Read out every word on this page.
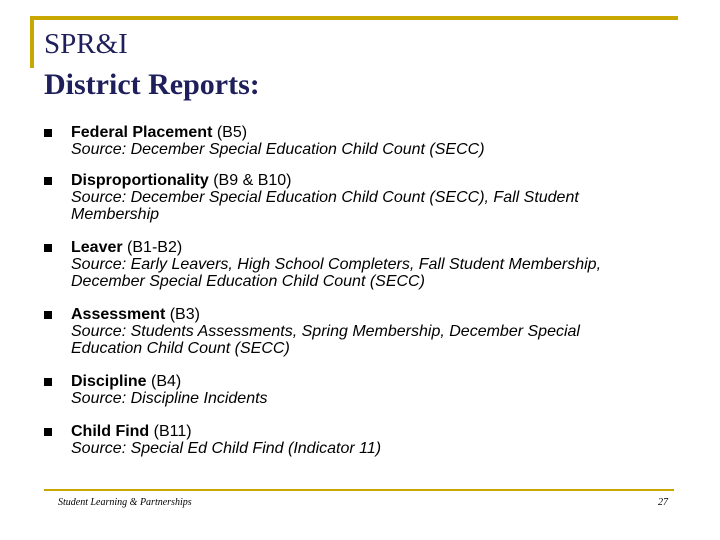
SPR&I
District Reports:
Federal Placement (B5)
Source: December Special Education Child Count (SECC)
Disproportionality (B9 & B10)
Source: December Special Education Child Count (SECC), Fall Student
Membership
Leaver (B1-B2)
Source: Early Leavers, High School Completers, Fall Student Membership,
December Special Education Child Count (SECC)
Assessment (B3)
Source: Students Assessments, Spring Membership, December Special
Education Child Count (SECC)
Discipline (B4)
Source: Discipline Incidents
Child Find (B11)
Source: Special Ed Child Find (Indicator 11)
Student Learning & Partnerships	27
